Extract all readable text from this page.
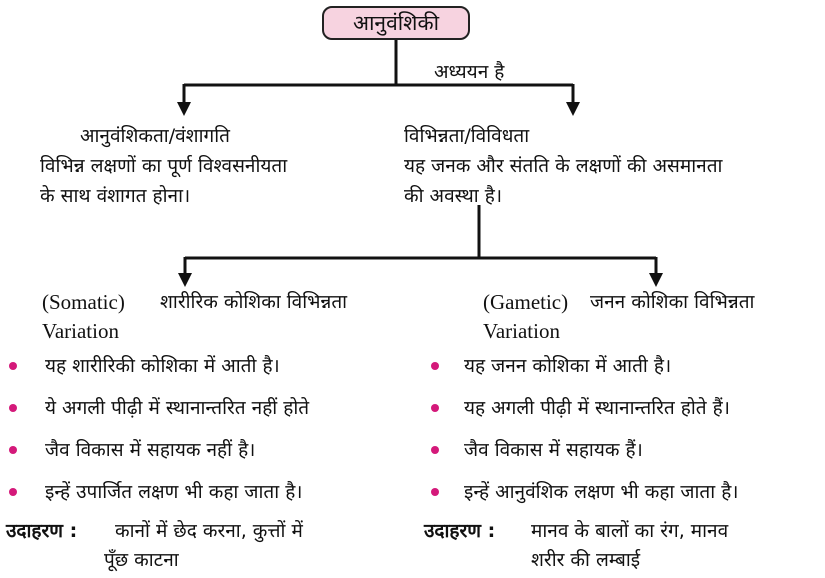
आनुवंशिकी
अध्ययन है
आनुवंशिकता/वंशागति
विभिन्न लक्षणों का पूर्ण विश्वसनीयता
के साथ वंशागत होना।
विभिन्नता/विविधता
यह जनक और संतति के लक्षणों की असमानता
की अवस्था है।
(Somatic) शारीरिक कोशिका विभिन्नता
Variation
(Gametic) जनन कोशिका विभिन्नता
Variation
यह शारीरिकी कोशिका में आती है।
ये अगली पीढ़ी में स्थानान्तरित नहीं होते
जैव विकास में सहायक नहीं है।
इन्हें उपार्जित लक्षण भी कहा जाता है।
यह जनन कोशिका में आती है।
यह अगली पीढ़ी में स्थानान्तरित होते हैं।
जैव विकास में सहायक हैं।
इन्हें आनुवंशिक लक्षण भी कहा जाता है।
उदाहरण : कानों में छेद करना, कुत्तों में
पूँछ काटना
उदाहरण : मानव के बालों का रंग, मानव
शरीर की लम्बाई
